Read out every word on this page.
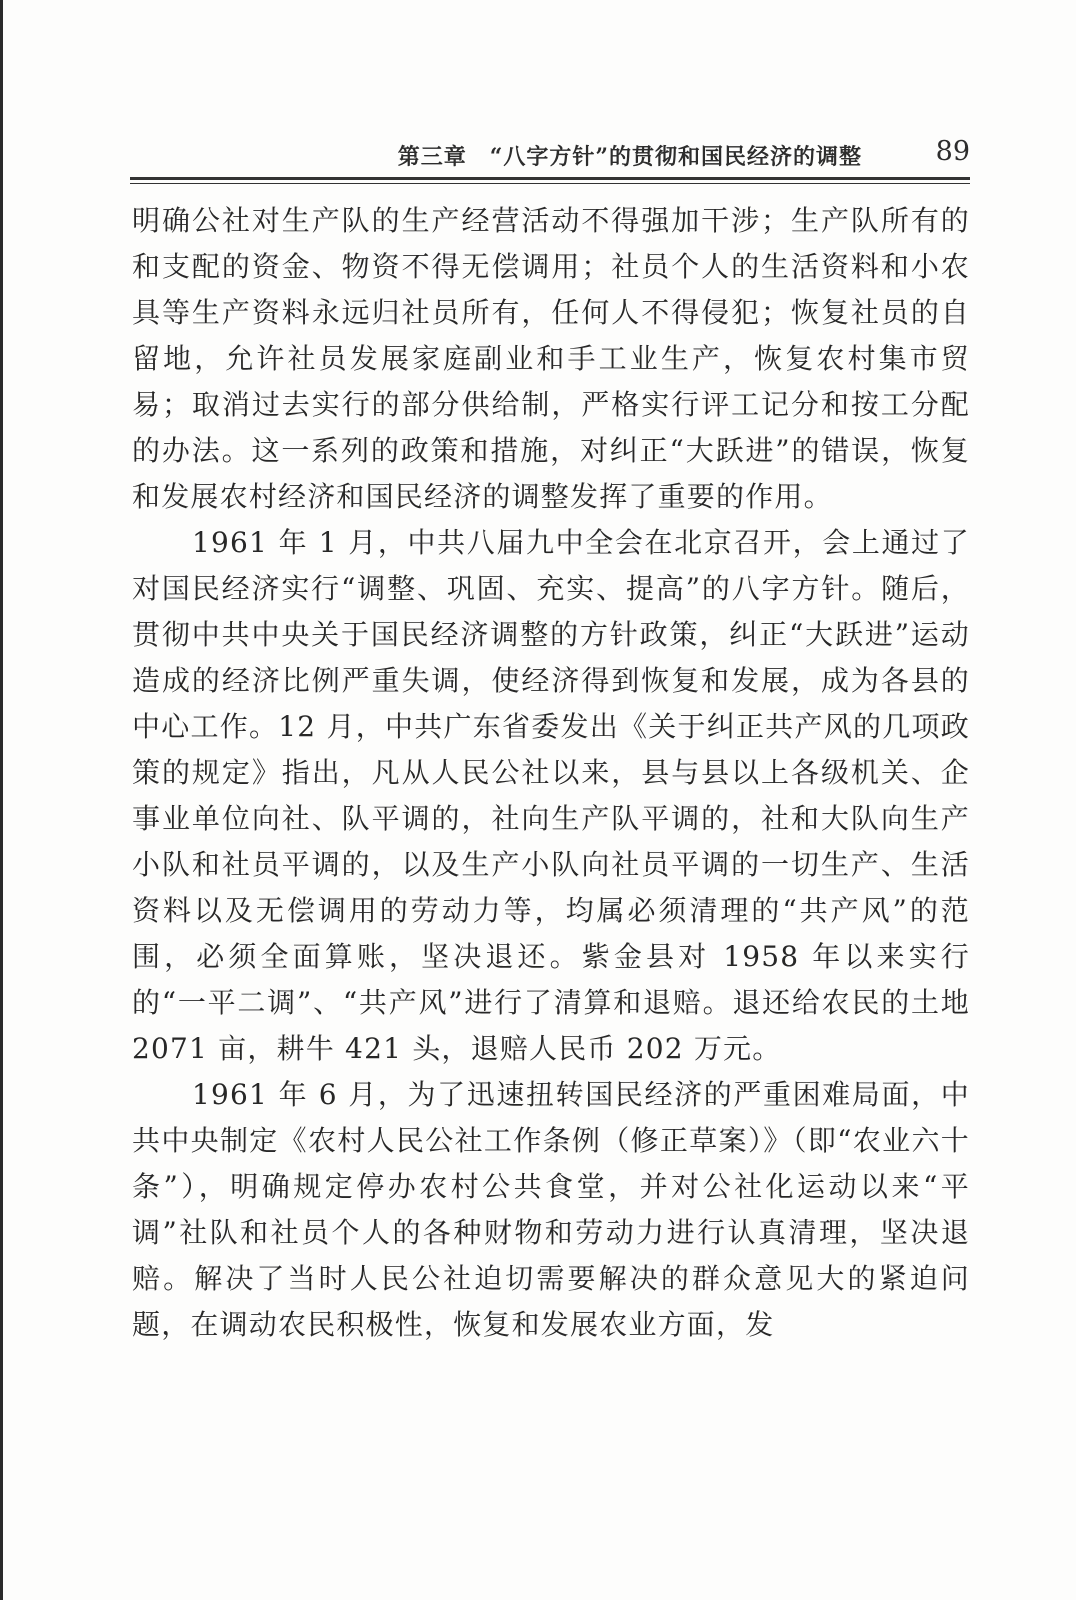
第三章　“八字方针”的贯彻和国民经济的调整	89

明确公社对生产队的生产经营活动不得强加干涉；生产队所有的和支配的资金、物资不得无偿调用；社员个人的生活资料和小农具等生产资料永远归社员所有，任何人不得侵犯；恢复社员的自留地，允许社员发展家庭副业和手工业生产，恢复农村集市贸易；取消过去实行的部分供给制，严格实行评工记分和按工分配的办法。这一系列的政策和措施，对纠正“大跃进”的错误，恢复和发展农村经济和国民经济的调整发挥了重要的作用。

1961 年 1 月，中共八届九中全会在北京召开，会上通过了对国民经济实行“调整、巩固、充实、提高”的八字方针。随后，贯彻中共中央关于国民经济调整的方针政策，纠正“大跃进”运动造成的经济比例严重失调，使经济得到恢复和发展，成为各县的中心工作。12 月，中共广东省委发出《关于纠正共产风的几项政策的规定》指出，凡从人民公社以来，县与县以上各级机关、企事业单位向社、队平调的，社向生产队平调的，社和大队向生产小队和社员平调的，以及生产小队向社员平调的一切生产、生活资料以及无偿调用的劳动力等，均属必须清理的“共产风”的范围，必须全面算账，坚决退还。紫金县对 1958 年以来实行的“一平二调”、“共产风”进行了清算和退赔。退还给农民的土地 2071 亩，耕牛 421 头，退赔人民币 202 万元。

1961 年 6 月，为了迅速扭转国民经济的严重困难局面，中共中央制定《农村人民公社工作条例（修正草案）》（即“农业六十条”），明确规定停办农村公共食堂，并对公社化运动以来“平调”社队和社员个人的各种财物和劳动力进行认真清理，坚决退赔。解决了当时人民公社迫切需要解决的群众意见大的紧迫问题，在调动农民积极性，恢复和发展农业方面，发
